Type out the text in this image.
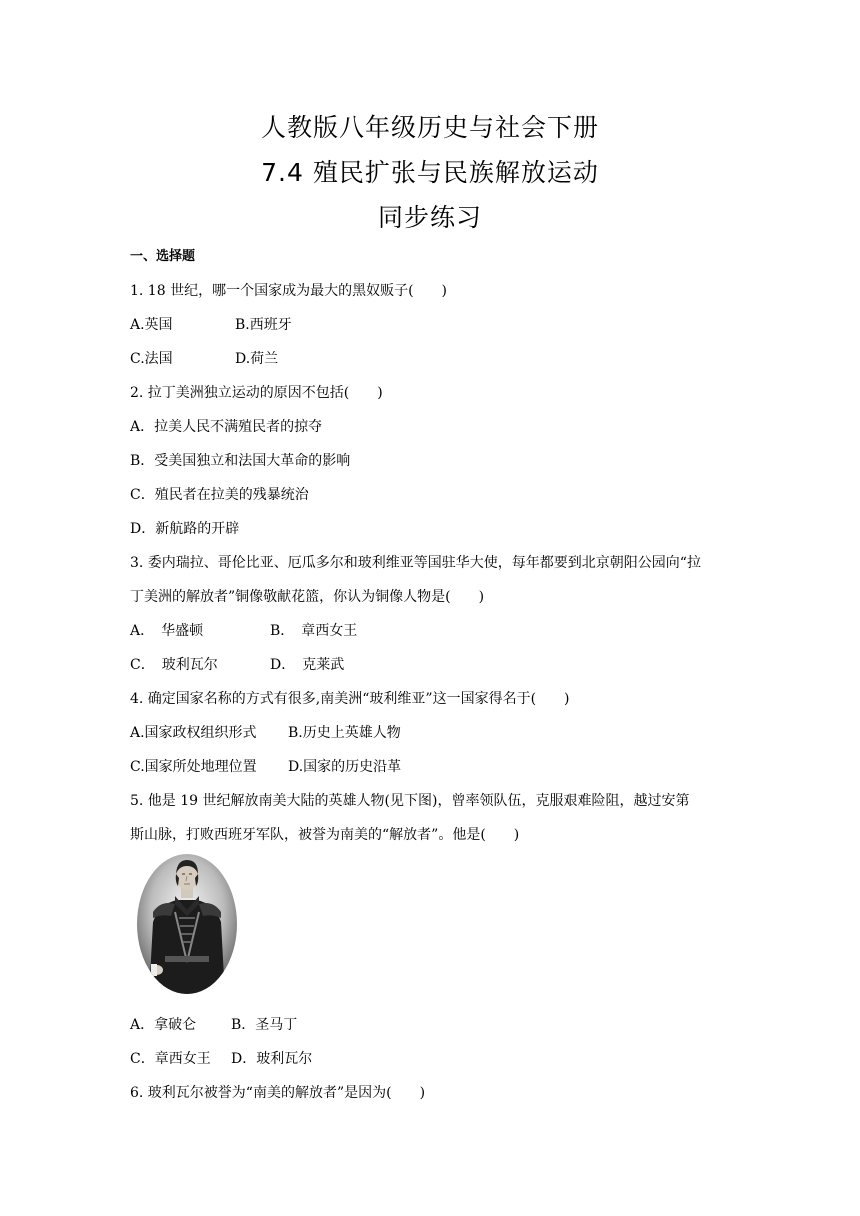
人教版八年级历史与社会下册
7.4 殖民扩张与民族解放运动
同步练习
一、选择题
1. 18 世纪，哪一个国家成为最大的黑奴贩子(　　)
A.英国	B.西班牙
C.法国	D.荷兰
2. 拉丁美洲独立运动的原因不包括(　　)
A．拉美人民不满殖民者的掠夺
B．受美国独立和法国大革命的影响
C．殖民者在拉美的残暴统治
D．新航路的开辟
3. 委内瑞拉、哥伦比亚、厄瓜多尔和玻利维亚等国驻华大使，每年都要到北京朝阳公园向“拉
丁美洲的解放者”铜像敬献花篮，你认为铜像人物是(　　)
A．　华盛顿	B．　章西女王
C．　玻利瓦尔	D．　克莱武
4. 确定国家名称的方式有很多,南美洲“玻利维亚”这一国家得名于(　　)
A.国家政权组织形式 B.历史上英雄人物
C.国家所处地理位置 D.国家的历史沿革
5. 他是 19 世纪解放南美大陆的英雄人物(见下图)，曾率领队伍，克服艰难险阻，越过安第
斯山脉，打败西班牙军队，被誉为南美的“解放者”。他是(　　)
A．拿破仑 B．圣马丁
C．章西女王 D．玻利瓦尔
6. 玻利瓦尔被誉为“南美的解放者”是因为(　　)
